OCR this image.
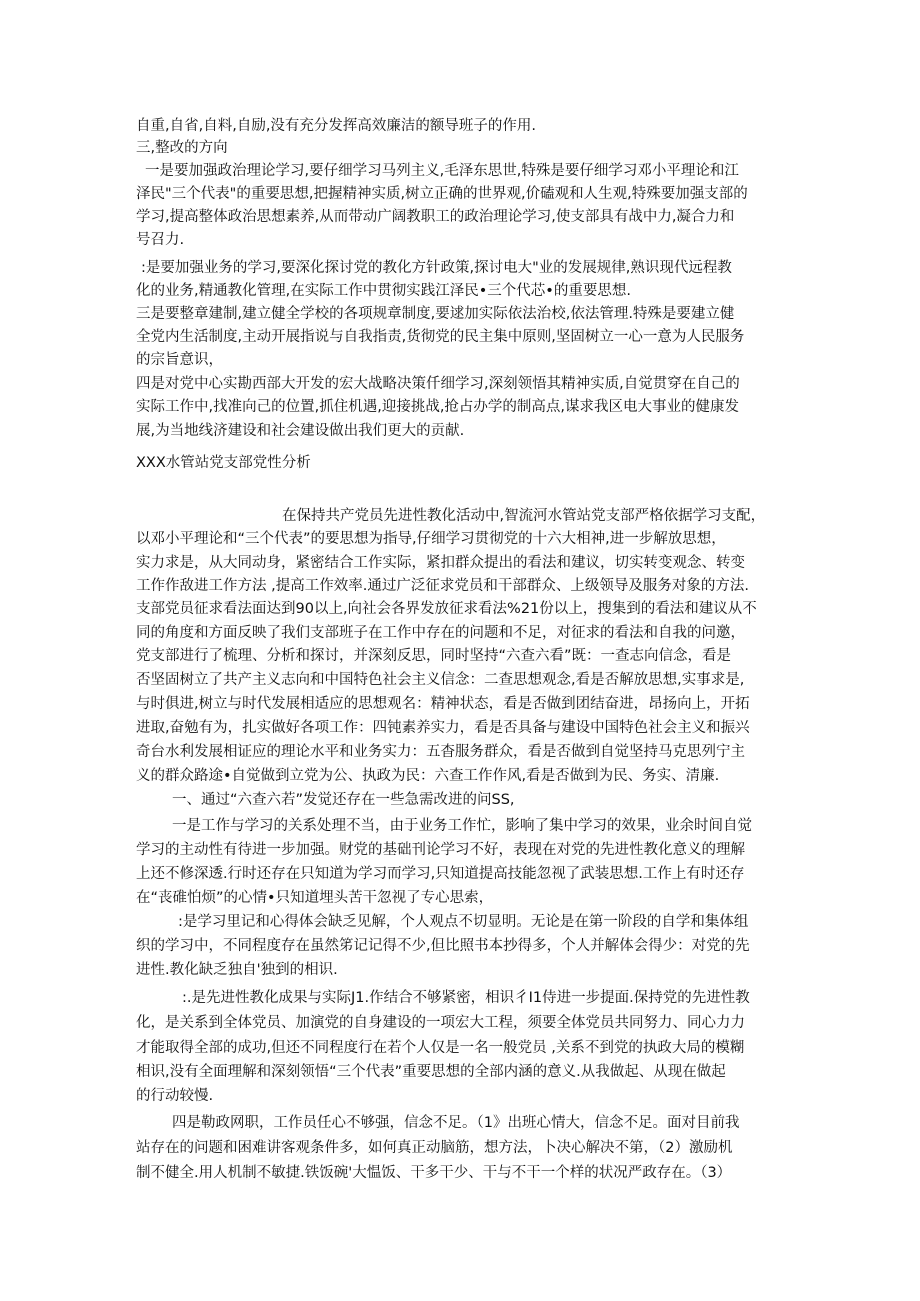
自重,自省,自料,自励,没有充分发挥高效廉洁的额导班子的作用.
三,整改的方向
一是要加强政治理论学习,要仔细学习马列主义,毛泽东思世,特殊是要仔细学习邓小平理论和江
泽民"三个代表"的重要思想,把握精神实质,树立正确的世界观,价磕观和人生观,特殊要加强支部的
学习,提高整体政治思想素养,从而带动广阔教职工的政治理论学习,使支部具有战中力,凝合力和
号召力.
:是要加强业务的学习,要深化探讨党的教化方针政策,探讨电大"业的发展规律,熟识现代远程教
化的业务,精通教化管理,在实际工作中贯彻实践江泽民•三个代芯•的重要思想.
三是要整章建制,建立健全学校的各项规章制度,要逑加实际依法治校,依法管理.特殊是要建立健
全党内生活制度,主动开展指说与自我指责,货彻党的民主集中原则,坚固树立一心一意为人民服务
的宗旨意识，
四是对党中心实勘西部大开发的宏大战略决策仟细学习,深刻领悟其精神实质,自觉贯穿在自己的
实际工作中,找准向己的位置,抓住机遇,迎接挑战,抢占办学的制高点,谋求我区电大事业的健康发
展,为当地线济建设和社会建设做出我们更大的贡献.
XXX水管站党支部党性分析
在保持共产党员先进性教化活动中,智流河水管站党支部严格依据学习支配，
以邓小平理论和“三个代表”的要思想为指导,仔细学习贯彻党的十六大相神,进一步解放思想，
实力求是，从大同动身，紧密结合工作实际，紧扣群众提出的看法和建议，切实转变观念、转变
工作作敌进工作方法 ,提高工作效率.通过广泛征求党员和干部群众、上级领导及服务对象的方法.
支部党员征求看法面达到90以上,向社会各界发放征求看法%21份以上，搜集到的看法和建议从不
同的角度和方面反映了我们支部班子在工作中存在的问题和不足，对征求的看法和自我的问邀，
党支部进行了梳理、分析和探讨，并深刻反思，同时坚持“六查六看”既：一查志向信念，看是
否坚固树立了共产主义志向和中国特色社会主义信念：二查思想观念,看是否解放思想,实事求是,
与时俱进,树立与时代发展相适应的思想观名：精神状态，看是否做到团结奋进，昂扬向上，开拓
进取,奋勉有为，扎实做好各项工作：四钝素养实力，看是否具备与建设中国特色社会主义和振兴
奇台水利发展相证应的理论水平和业务实力：五杳服务群众，看是否做到自觉坚持马克思列宁主
义的群众路途•自觉做到立党为公、执政为民：六查工作作风,看是否做到为民、务实、清廉.
一、通过“六查六若”发觉还存在一些急需改进的问SS,
一是工作与学习的关系处理不当，由于业务工作忙，影响了集中学习的效果，业余时间自觉
学习的主动性有待进一步加强。财党的基础刊论学习不好，表现在对党的先进性教化意义的理解
上还不修深透.行时还存在只知道为学习而学习,只知道提高技能忽视了武装思想.工作上有时还存
在“丧碓怕烦”的心情•只知道埋头苦干忽视了专心思索，
:是学习里记和心得体会缺乏见解，个人观点不切显明。无论是在第一阶段的自学和集体组
织的学习中，不同程度存在虽然笫记记得不少,但比照书本抄得多，个人并解体会得少：对党的先
进性.教化缺乏独自'独到的相识.
:.是先进性教化成果与实际J1.作结合不够紧密，相识彳I1侍进一步提面.保持党的先进性教
化，是关系到全体党员、加演党的自身建设的一项宏大工程，须要全体党员共同努力、同心力力
才能取得全部的成功,但还不同程度行在若个人仅是一名一般党员 ,关系不到党的执政大局的模糊
相识,没有全面理解和深刻领悟“三个代表”重要思想的全部内涵的意义.从我做起、从现在做起
的行动较慢.
四是勒政网职，工作员任心不够强，信念不足。（1》出班心情大，信念不足。面对目前我
站存在的问题和困难讲客观条件多，如何真正动脑筋，想方法，卜决心解决不第，（2）激励机
制不健全.用人机制不敏捷.铁饭碗'大愠饭、干多干少、干与不干一个样的状况严政存在。（3）
